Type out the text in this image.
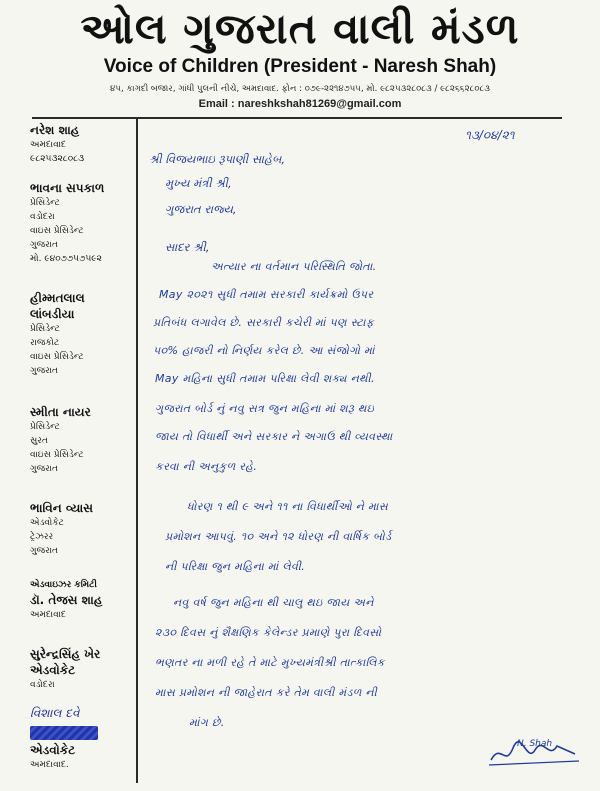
ઓલ ગુજરાત વાલી મંડળ
Voice of Children (President - Naresh Shah)
૪૫, કાગદી બજાર, ગાંધી પુલની નીચે, અમદાવાદ. ફોન : ૦૭૯-૨૨૧૪૭૫૫, મો. ૯૮૨૫૩૨૮૦૮૩ / ૯૮૨૬૬૨૮૦૮૩
Email : nareshkshah81269@gmail.com
નરેશ શાહ
અમદાવાદ
૯૮૨૫૩૨૮૦૮૩
ભાવના સપકાળ
પ્રેસિડેન્ટ
વડોદરા
વાઇસ પ્રેસિડેન્ટ
ગુજરાત
મો. ૯૪૦૭૭૫૭૫૯૨
હીમ્મતલાલ
લાંબડીયા
પ્રેસિડેન્ટ
રાજકોટ
વાઇસ પ્રેસિડેન્ટ
ગુજરાત
સ્મીતા નાયર
પ્રેસિડેન્ટ
સુરત
વાઇસ પ્રેસિડેન્ટ
ગુજરાત
ભાવિન વ્યાસ
એડવોકેટ
ટ્રેઝરર
ગુજરાત
એડવાઇઝર કમિટી
ડૉ. તેજસ શાહ
અમદાવાદ
સુરેન્દ્રસિંહ ખેર
એડવોકેટ
વડોદરા
વિશાલ દવે
એડવોકેટ
અમદાવાદ.
૧૩/૦૪/૨૧
શ્રી વિજયભાઇ રૂપાણી સાહેબ,
મુખ્ય મંત્રી શ્રી,
ગુજરાત રાજ્ય,
સાદર શ્રી,
અત્યાર ના વર્તમાન પરિસ્થિતિ જોતા.
May ૨૦૨૧ સુધી તમામ સરકારી કાર્યક્રમો ઉપર
પ્રતિબંધ લગાવેલ છે. સરકારી કચેરી માં પણ સ્ટાફ
૫૦% હાજરી નો નિર્ણય કરેલ છે. આ સંજોગો માં
May મહિના સુધી તમામ પરિક્ષા લેવી શક્ય નથી.
ગુજરાત બોર્ડ નું નવુ સત્ર જુન મહિના માં શરૂ થઇ
જાય તો વિધાર્થી અને સરકાર ને અગાઉ થી વ્યવસ્થા
કરવા ની અનુકુળ રહે.
ધોરણ ૧ થી ૯ અને ૧૧ ના વિધાર્થીઓ ને માસ
પ્રમોશન આપવું. ૧૦ અને ૧૨ ધોરણ ની વાર્ષિક બોર્ડ
ની પરિક્ષા જુન મહિના માં લેવી.
નવુ વર્ષ જુન મહિના થી ચાલુ થઇ જાય અને
૨૩૦ દિવસ નું શૈક્ષણિક કેલેન્ડર પ્રમાણે પુરા દિવસો
ભણતર ના મળી રહે તે માટે મુખ્યમંત્રીશ્રી તાત્કાલિક
માસ પ્રમોશન ની જાહેરાત કરે તેમ વાલી મંડળ ની
માંગ છે.
N. Shah
